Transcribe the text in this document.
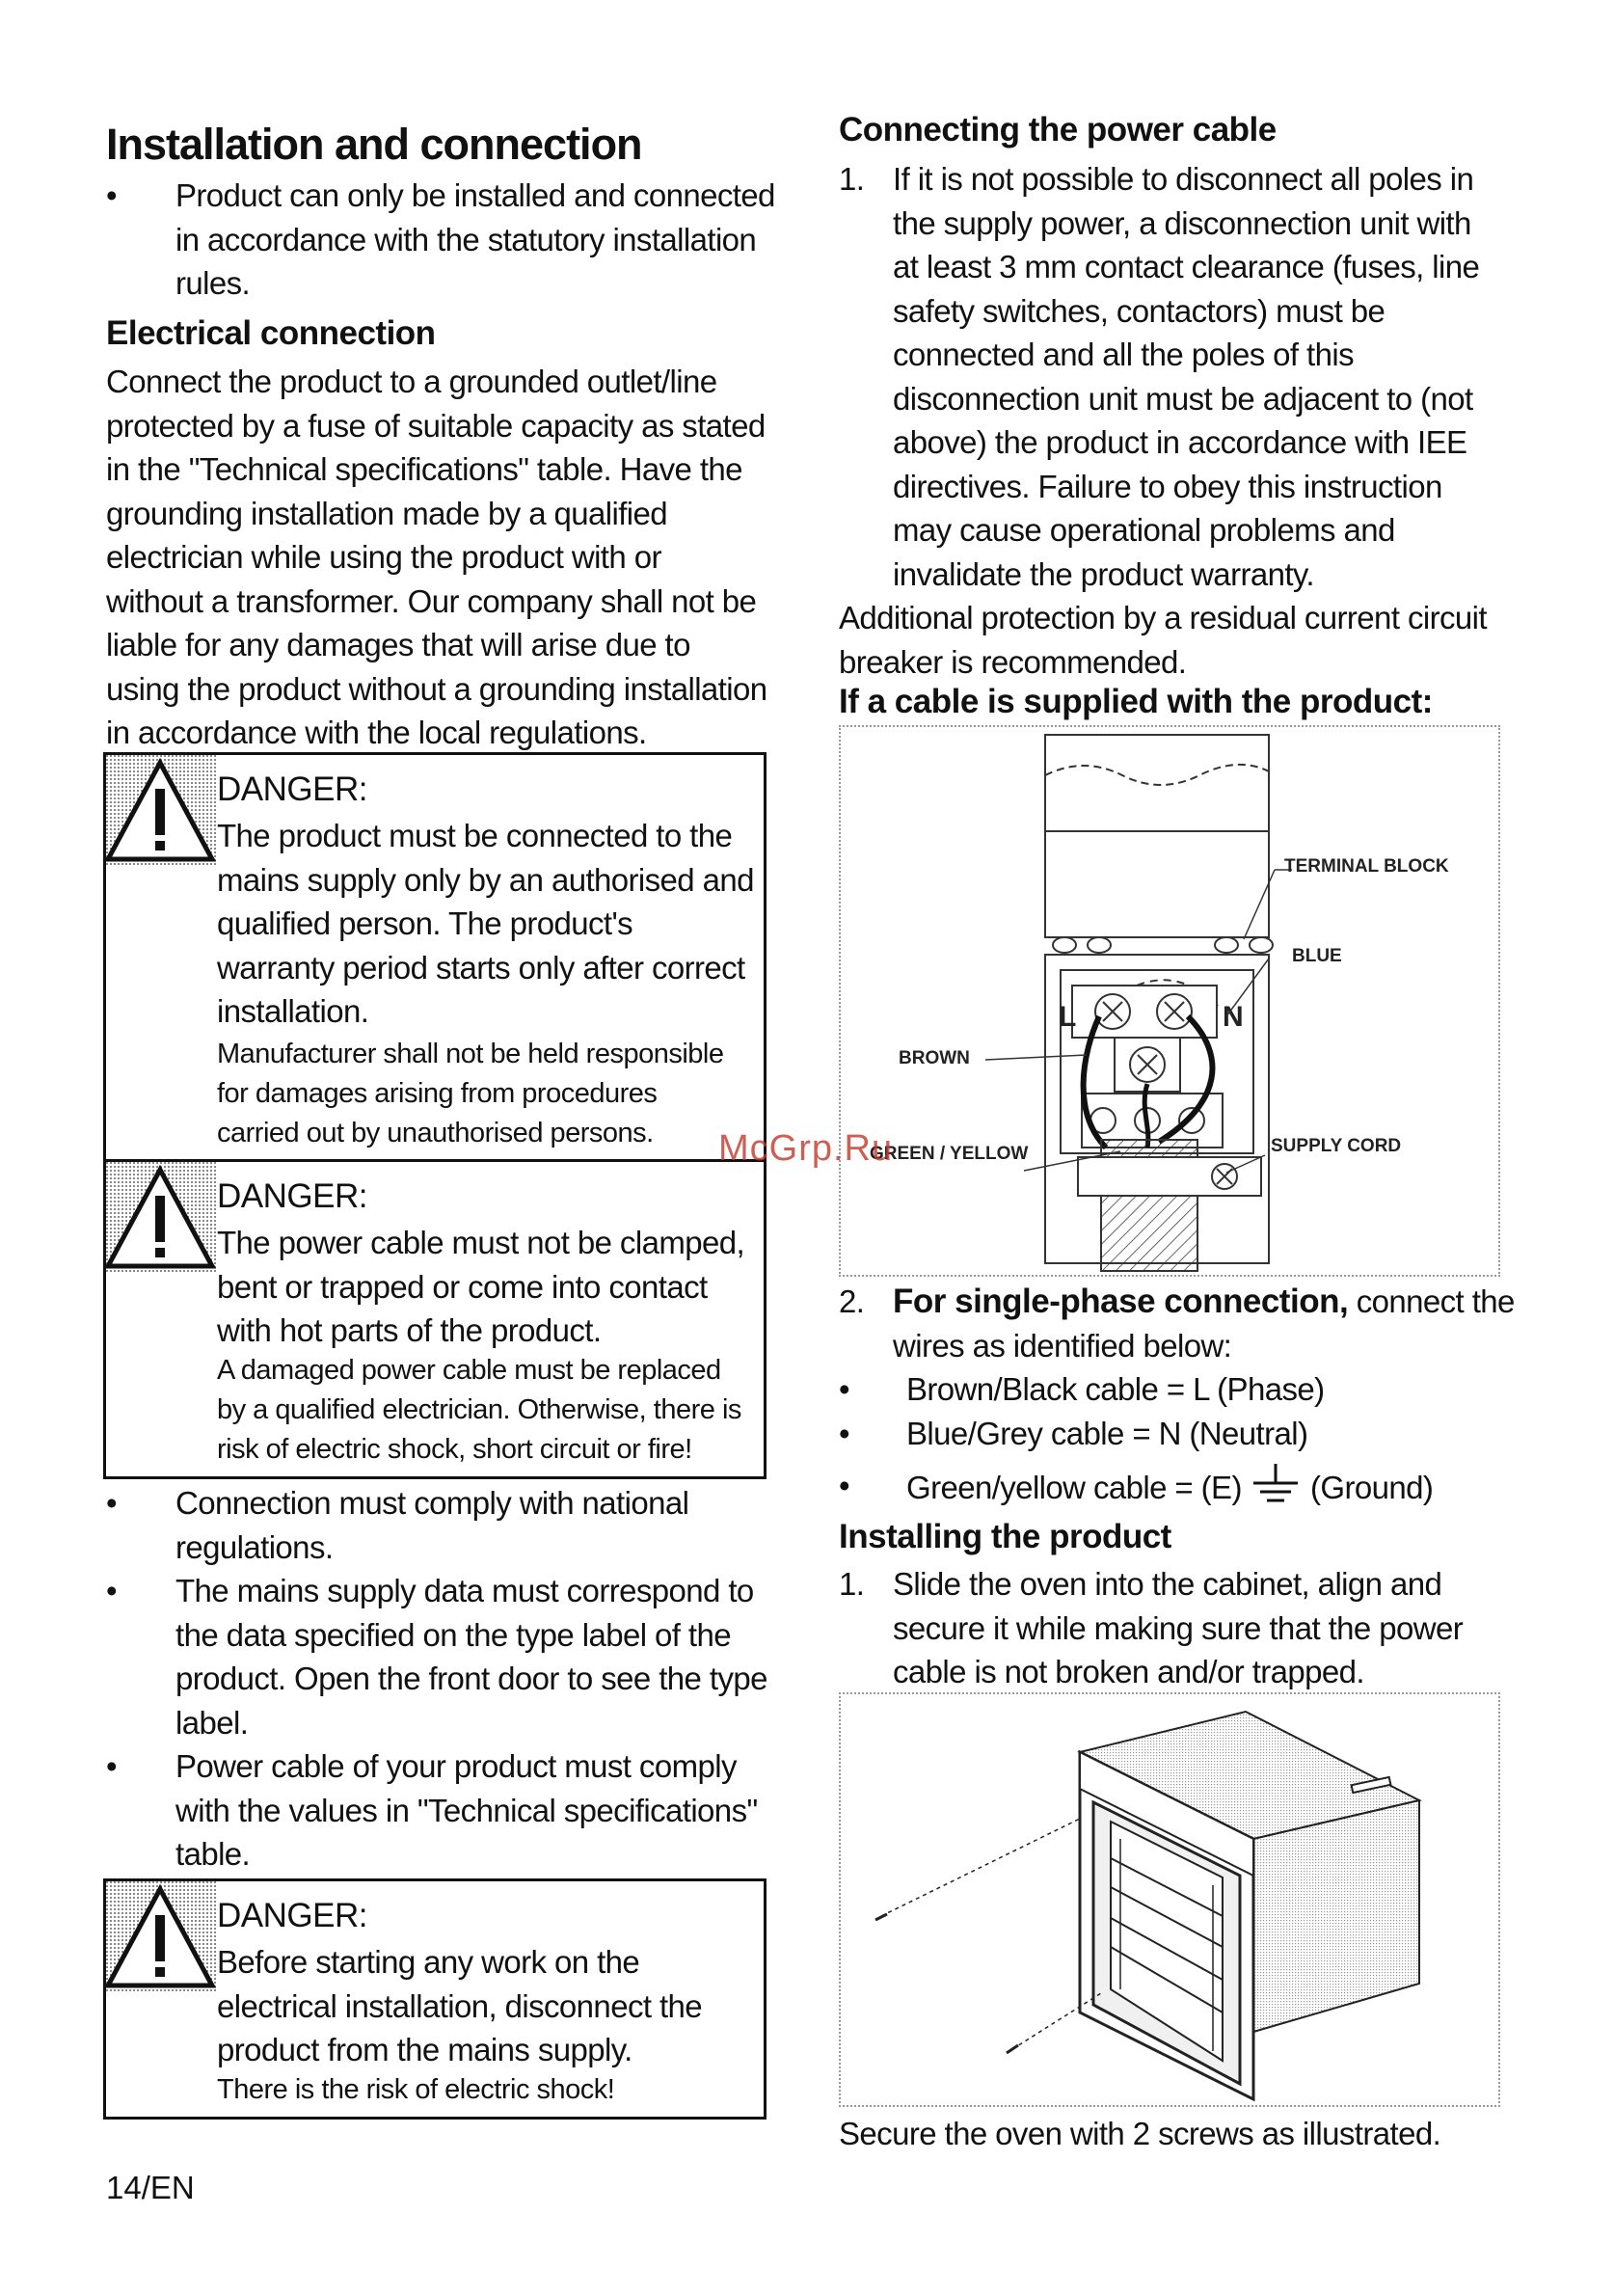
Installation and connection
•	Product can only be installed and connected
in accordance with the statutory installation
rules.
Electrical connection
Connect the product to a grounded outlet/line
protected by a fuse of suitable capacity as stated
in the "Technical specifications" table. Have the
grounding installation made by a qualified
electrician while using the product with or
without a transformer. Our company shall not be
liable for any damages that will arise due to
using the product without a grounding installation
in accordance with the local regulations.
DANGER:
The product must be connected to the
mains supply only by an authorised and
qualified person. The product's
warranty period starts only after correct
installation.
Manufacturer shall not be held responsible
for damages arising from procedures
carried out by unauthorised persons.
DANGER:
The power cable must not be clamped,
bent or trapped or come into contact
with hot parts of the product.
A damaged power cable must be replaced
by a qualified electrician. Otherwise, there is
risk of electric shock, short circuit or fire!
•	Connection must comply with national
regulations.
•	The mains supply data must correspond to
the data specified on the type label of the
product. Open the front door to see the type
label.
•	Power cable of your product must comply
with the values in "Technical specifications"
table.
DANGER:
Before starting any work on the
electrical installation, disconnect the
product from the mains supply.
There is the risk of electric shock!
14/EN
Connecting the power cable
1. If it is not possible to disconnect all poles in
the supply power, a disconnection unit with
at least 3 mm contact clearance (fuses, line
safety switches, contactors) must be
connected and all the poles of this
disconnection unit must be adjacent to (not
above) the product in accordance with IEE
directives. Failure to obey this instruction
may cause operational problems and
invalidate the product warranty.
Additional protection by a residual current circuit
breaker is recommended.
If a cable is supplied with the product:
L	N
TERMINAL BLOCK
BLUE
BROWN
GREEN / YELLOW	SUPPLY CORD
2. For single-phase connection, connect the
wires as identified below:
•	Brown/Black cable = L (Phase)
•	Blue/Grey cable = N (Neutral)
•	Green/yellow cable = (E) (Ground)
Installing the product
1. Slide the oven into the cabinet, align and
secure it while making sure that the power
cable is not broken and/or trapped.
Secure the oven with 2 screws as illustrated.
McGrp.Ru
